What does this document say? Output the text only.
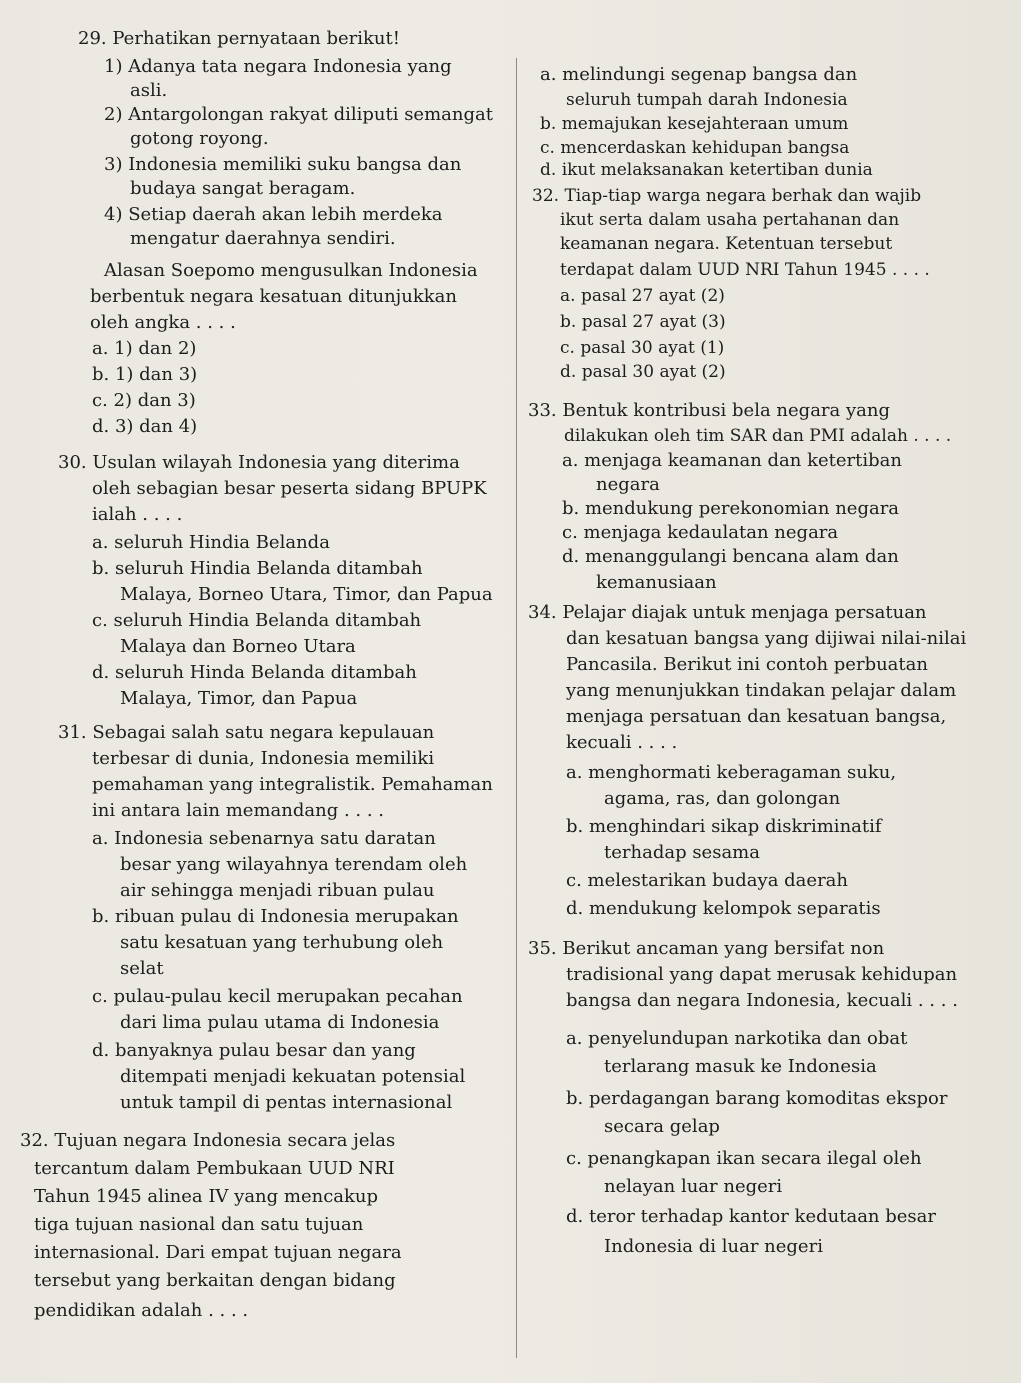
29. Perhatikan pernyataan berikut!
1) Adanya tata negara Indonesia yang
asli.
2) Antargolongan rakyat diliputi semangat
gotong royong.
3) Indonesia memiliki suku bangsa dan
budaya sangat beragam.
4) Setiap daerah akan lebih merdeka
mengatur daerahnya sendiri.
Alasan Soepomo mengusulkan Indonesia
berbentuk negara kesatuan ditunjukkan
oleh angka . . . .
a. 1) dan 2)
b. 1) dan 3)
c. 2) dan 3)
d. 3) dan 4)
30. Usulan wilayah Indonesia yang diterima
oleh sebagian besar peserta sidang BPUPK
ialah . . . .
a. seluruh Hindia Belanda
b. seluruh Hindia Belanda ditambah
Malaya, Borneo Utara, Timor, dan Papua
c. seluruh Hindia Belanda ditambah
Malaya dan Borneo Utara
d. seluruh Hinda Belanda ditambah
Malaya, Timor, dan Papua
31. Sebagai salah satu negara kepulauan
terbesar di dunia, Indonesia memiliki
pemahaman yang integralistik. Pemahaman
ini antara lain memandang . . . .
a. Indonesia sebenarnya satu daratan
besar yang wilayahnya terendam oleh
air sehingga menjadi ribuan pulau
b. ribuan pulau di Indonesia merupakan
satu kesatuan yang terhubung oleh
selat
c. pulau-pulau kecil merupakan pecahan
dari lima pulau utama di Indonesia
d. banyaknya pulau besar dan yang
ditempati menjadi kekuatan potensial
untuk tampil di pentas internasional
32. Tujuan negara Indonesia secara jelas
tercantum dalam Pembukaan UUD NRI
Tahun 1945 alinea IV yang mencakup
tiga tujuan nasional dan satu tujuan
internasional. Dari empat tujuan negara
tersebut yang berkaitan dengan bidang
pendidikan adalah . . . .
a. melindungi segenap bangsa dan
seluruh tumpah darah Indonesia
b. memajukan kesejahteraan umum
c. mencerdaskan kehidupan bangsa
d. ikut melaksanakan ketertiban dunia
32. Tiap-tiap warga negara berhak dan wajib
ikut serta dalam usaha pertahanan dan
keamanan negara. Ketentuan tersebut
terdapat dalam UUD NRI Tahun 1945 . . . .
a. pasal 27 ayat (2)
b. pasal 27 ayat (3)
c. pasal 30 ayat (1)
d. pasal 30 ayat (2)
33. Bentuk kontribusi bela negara yang
dilakukan oleh tim SAR dan PMI adalah . . . .
a. menjaga keamanan dan ketertiban
negara
b. mendukung perekonomian negara
c. menjaga kedaulatan negara
d. menanggulangi bencana alam dan
kemanusiaan
34. Pelajar diajak untuk menjaga persatuan
dan kesatuan bangsa yang dijiwai nilai-nilai
Pancasila. Berikut ini contoh perbuatan
yang menunjukkan tindakan pelajar dalam
menjaga persatuan dan kesatuan bangsa,
kecuali . . . .
a. menghormati keberagaman suku,
agama, ras, dan golongan
b. menghindari sikap diskriminatif
terhadap sesama
c. melestarikan budaya daerah
d. mendukung kelompok separatis
35. Berikut ancaman yang bersifat non
tradisional yang dapat merusak kehidupan
bangsa dan negara Indonesia, kecuali . . . .
a. penyelundupan narkotika dan obat
terlarang masuk ke Indonesia
b. perdagangan barang komoditas ekspor
secara gelap
c. penangkapan ikan secara ilegal oleh
nelayan luar negeri
d. teror terhadap kantor kedutaan besar
Indonesia di luar negeri
